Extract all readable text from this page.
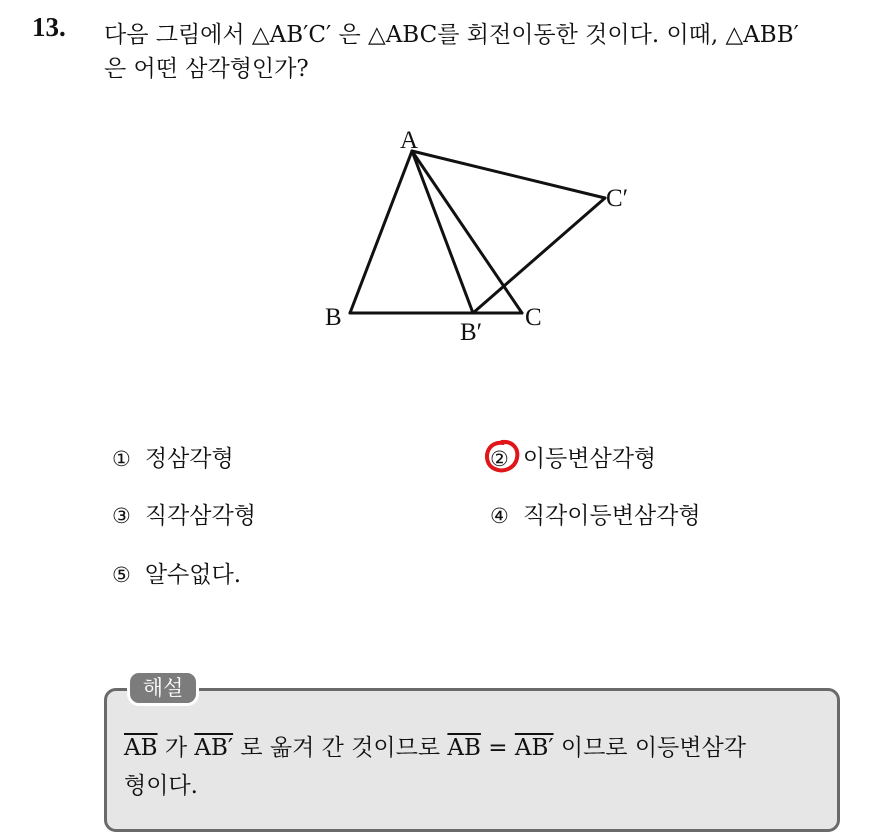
13. 다음 그림에서 △AB′C′ 은 △ABC를 회전이동한 것이다. 이때, △ABB′
은 어떤 삼각형인가?
A
B	C
B′
C′
① 정삼각형	② 이등변삼각형
③ 직각삼각형	④ 직각이등변삼각형
⑤ 알수없다.
해설
$\overline{AB}$ 가 AB′ 로 옮겨 간 것이므로 $\overline{AB} = AB'$ 이므로 이등변삼각
형이다.
